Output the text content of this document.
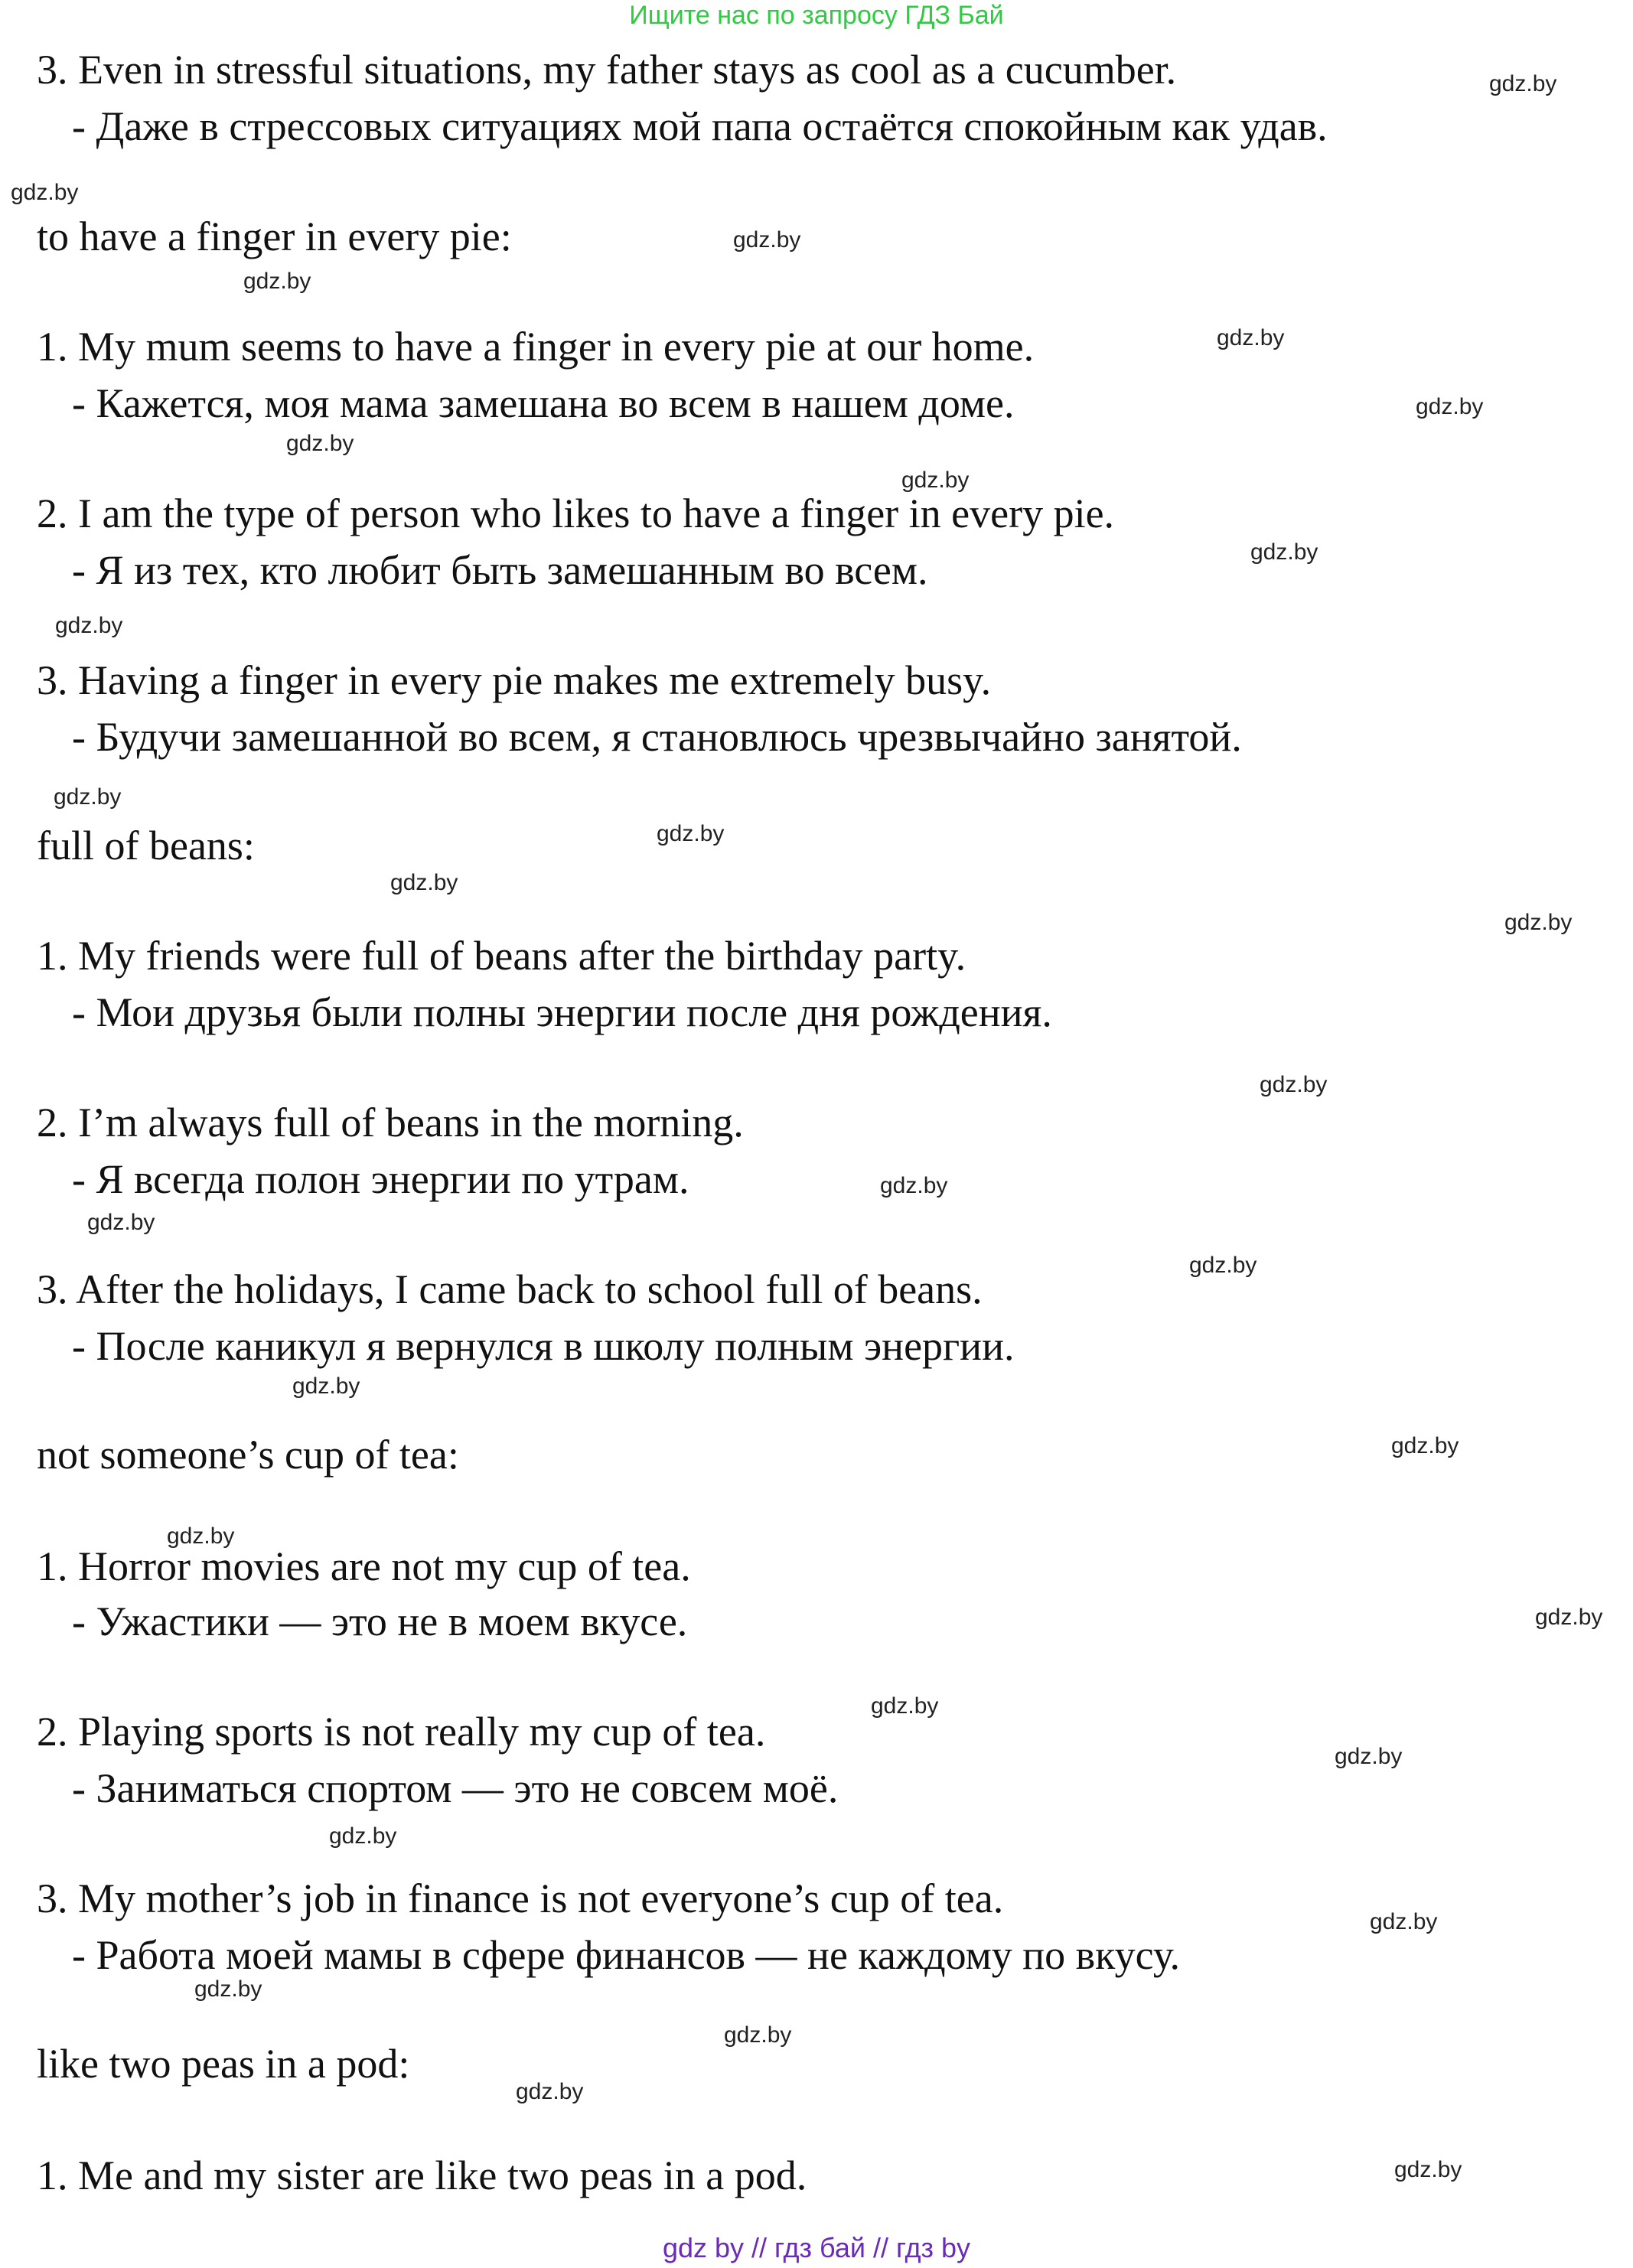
Ищите нас по запросу ГДЗ Бай
3. Even in stressful situations, my father stays as cool as a cucumber.
- Даже в стрессовых ситуациях мой папа остаётся спокойным как удав.
to have a finger in every pie:
1. My mum seems to have a finger in every pie at our home.
- Кажется, моя мама замешана во всем в нашем доме.
2. I am the type of person who likes to have a finger in every pie.
- Я из тех, кто любит быть замешанным во всем.
3. Having a finger in every pie makes me extremely busy.
- Будучи замешанной во всем, я становлюсь чрезвычайно занятой.
full of beans:
1. My friends were full of beans after the birthday party.
- Мои друзья были полны энергии после дня рождения.
2. I’m always full of beans in the morning.
- Я всегда полон энергии по утрам.
3. After the holidays, I came back to school full of beans.
- После каникул я вернулся в школу полным энергии.
not someone’s cup of tea:
1. Horror movies are not my cup of tea.
- Ужастики — это не в моем вкусе.
2. Playing sports is not really my cup of tea.
- Заниматься спортом — это не совсем моё.
3. My mother’s job in finance is not everyone’s cup of tea.
- Работа моей мамы в сфере финансов — не каждому по вкусу.
like two peas in a pod:
1. Me and my sister are like two peas in a pod.
gdz.by
gdz.by
gdz.by
gdz.by
gdz.by
gdz.by
gdz.by
gdz.by
gdz.by
gdz.by
gdz.by
gdz.by
gdz.by
gdz.by
gdz.by
gdz.by
gdz.by
gdz.by
gdz.by
gdz.by
gdz.by
gdz.by
gdz.by
gdz.by
gdz.by
gdz.by
gdz.by
gdz.by
gdz.by
gdz.by
gdz by // гдз бай // гдз by
